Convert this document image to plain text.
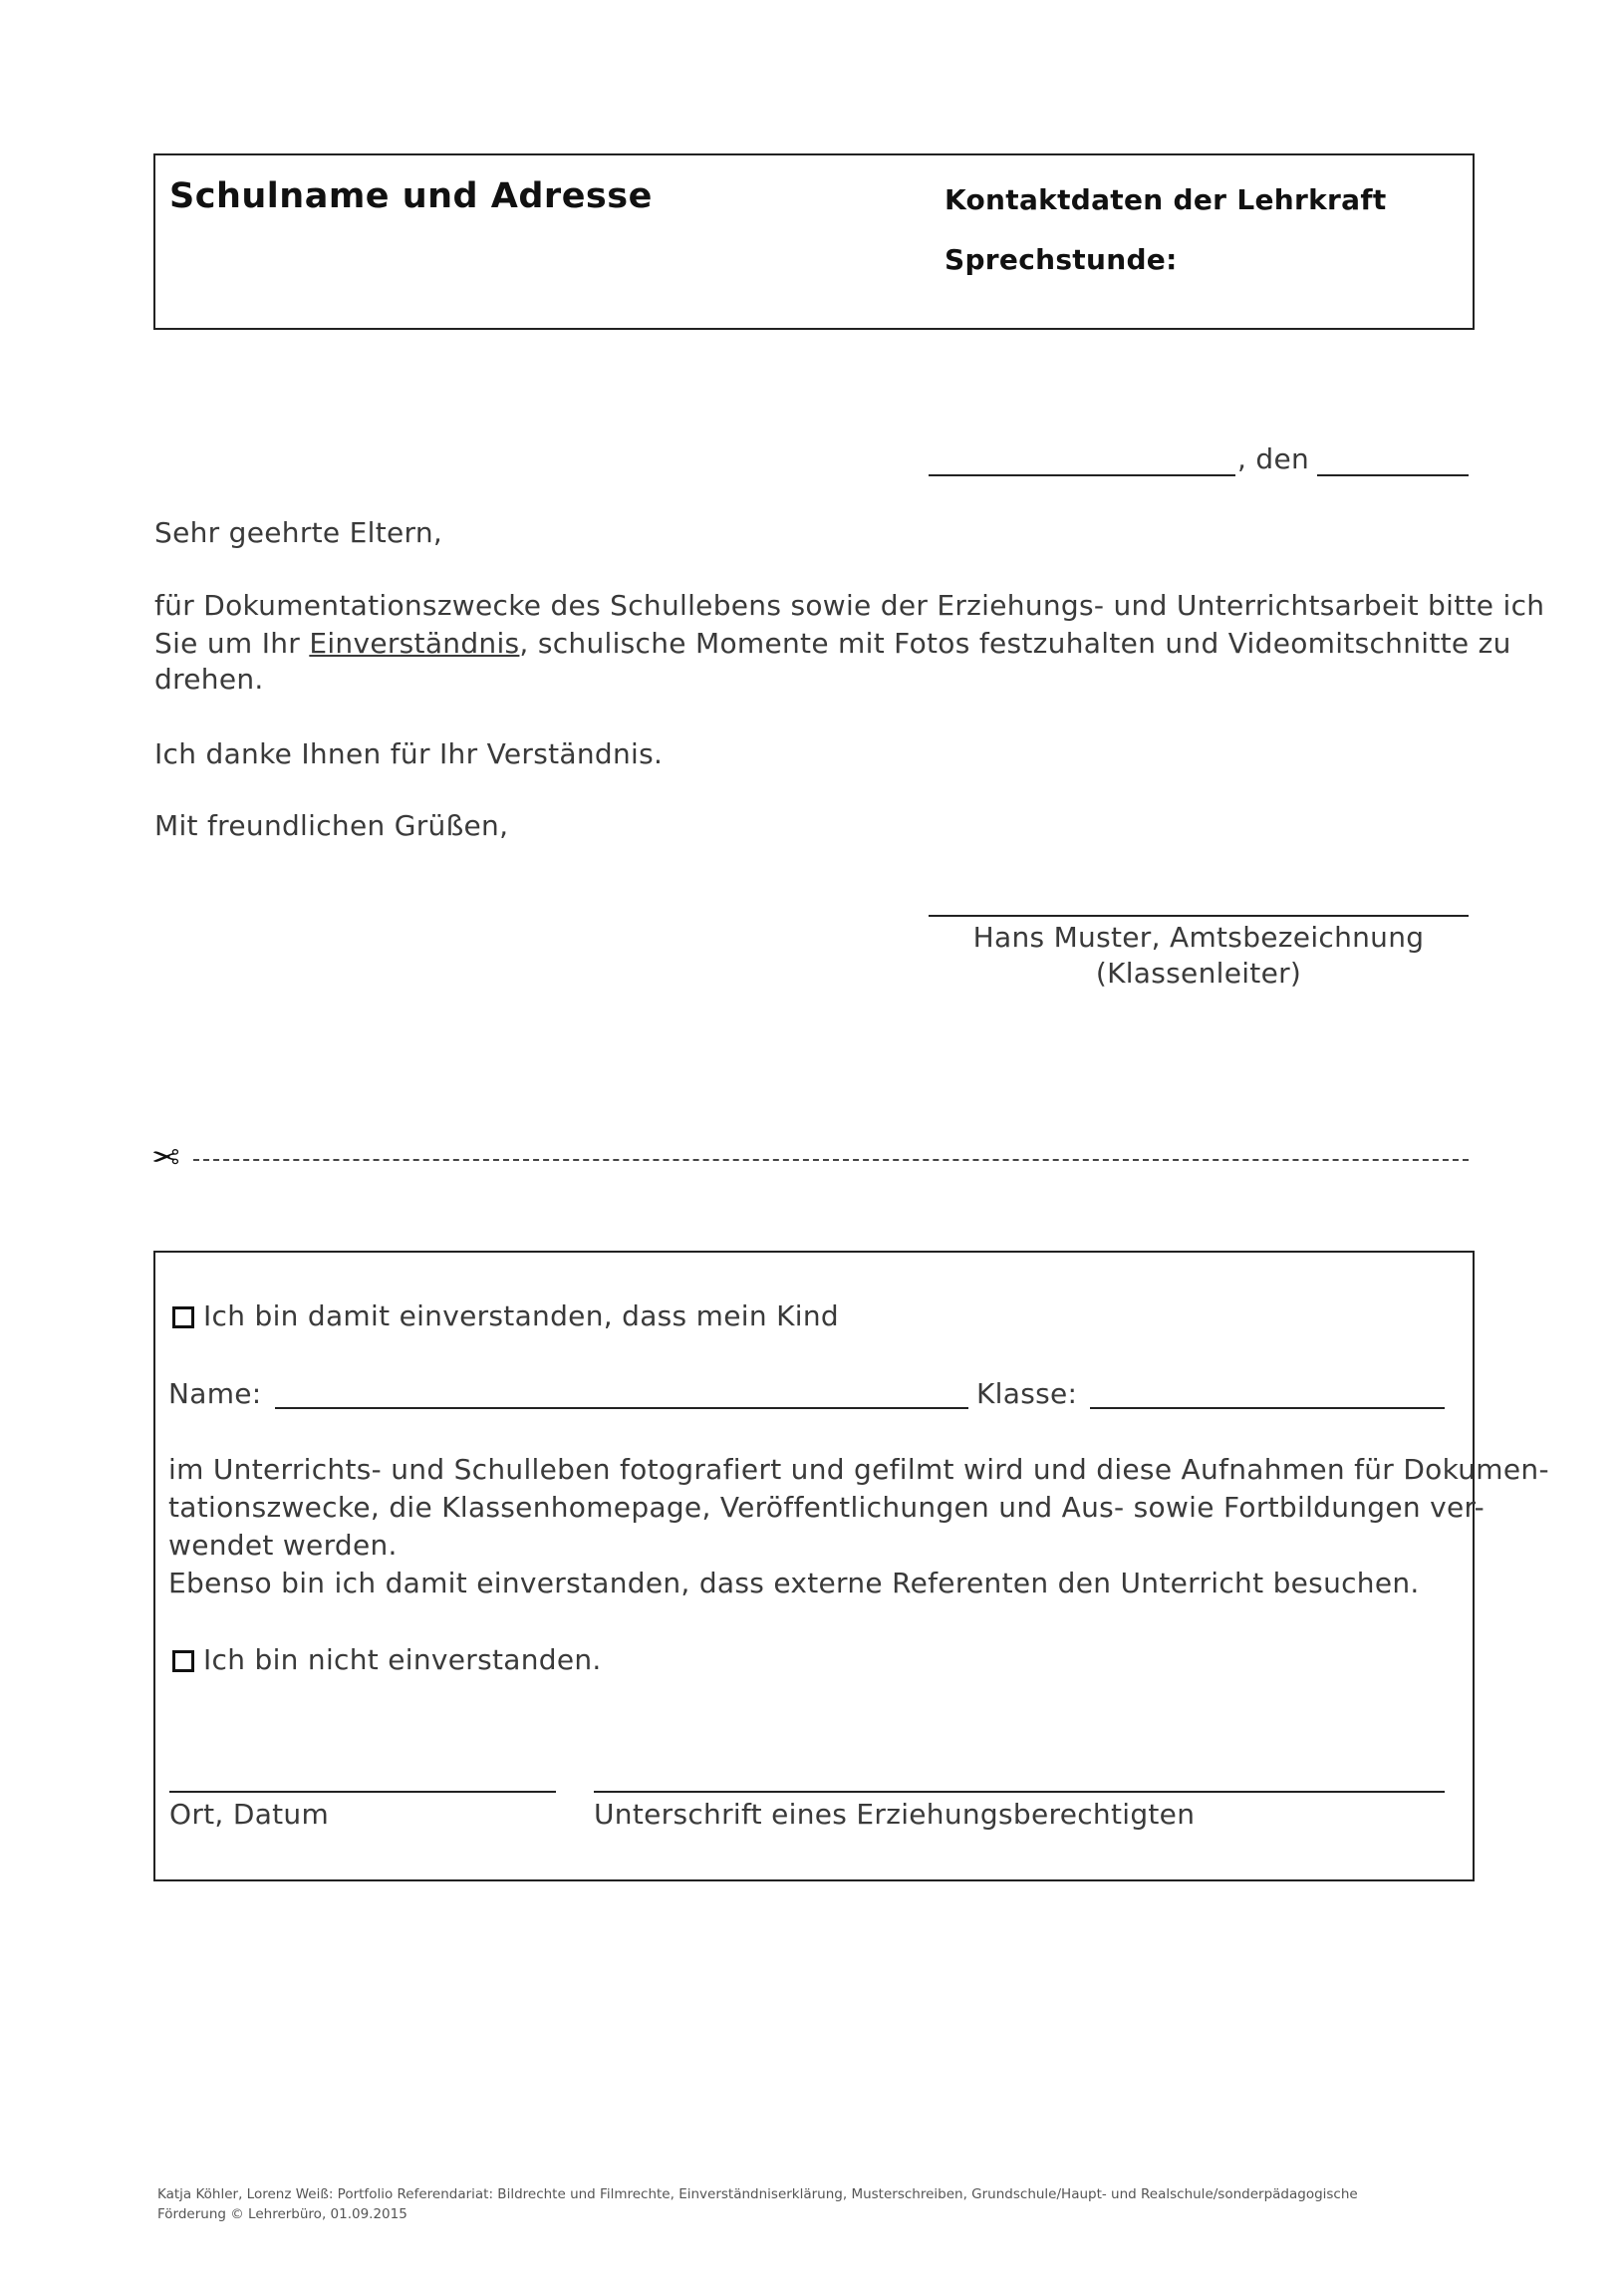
Schulname und Adresse	Kontaktdaten der Lehrkraft
Sprechstunde:
, den
Sehr geehrte Eltern,
für Dokumentationszwecke des Schullebens sowie der Erziehungs- und Unterrichtsarbeit bitte ich
Sie um Ihr Einverständnis, schulische Momente mit Fotos festzuhalten und Videomitschnitte zu
drehen.
Ich danke Ihnen für Ihr Verständnis.
Mit freundlichen Grüßen,
Hans Muster, Amtsbezeichnung
(Klassenleiter)
✂
Ich bin damit einverstanden, dass mein Kind
Name:	Klasse:
im Unterrichts- und Schulleben fotografiert und gefilmt wird und diese Aufnahmen für Dokumen-
tationszwecke, die Klassenhomepage, Veröffentlichungen und Aus- sowie Fortbildungen ver-
wendet werden.
Ebenso bin ich damit einverstanden, dass externe Referenten den Unterricht besuchen.
Ich bin nicht einverstanden.
Ort, Datum	Unterschrift eines Erziehungsberechtigten
Katja Köhler, Lorenz Weiß: Portfolio Referendariat: Bildrechte und Filmrechte, Einverständniserklärung, Musterschreiben, Grundschule/Haupt- und Realschule/sonderpädagogische
Förderung © Lehrerbüro, 01.09.2015
